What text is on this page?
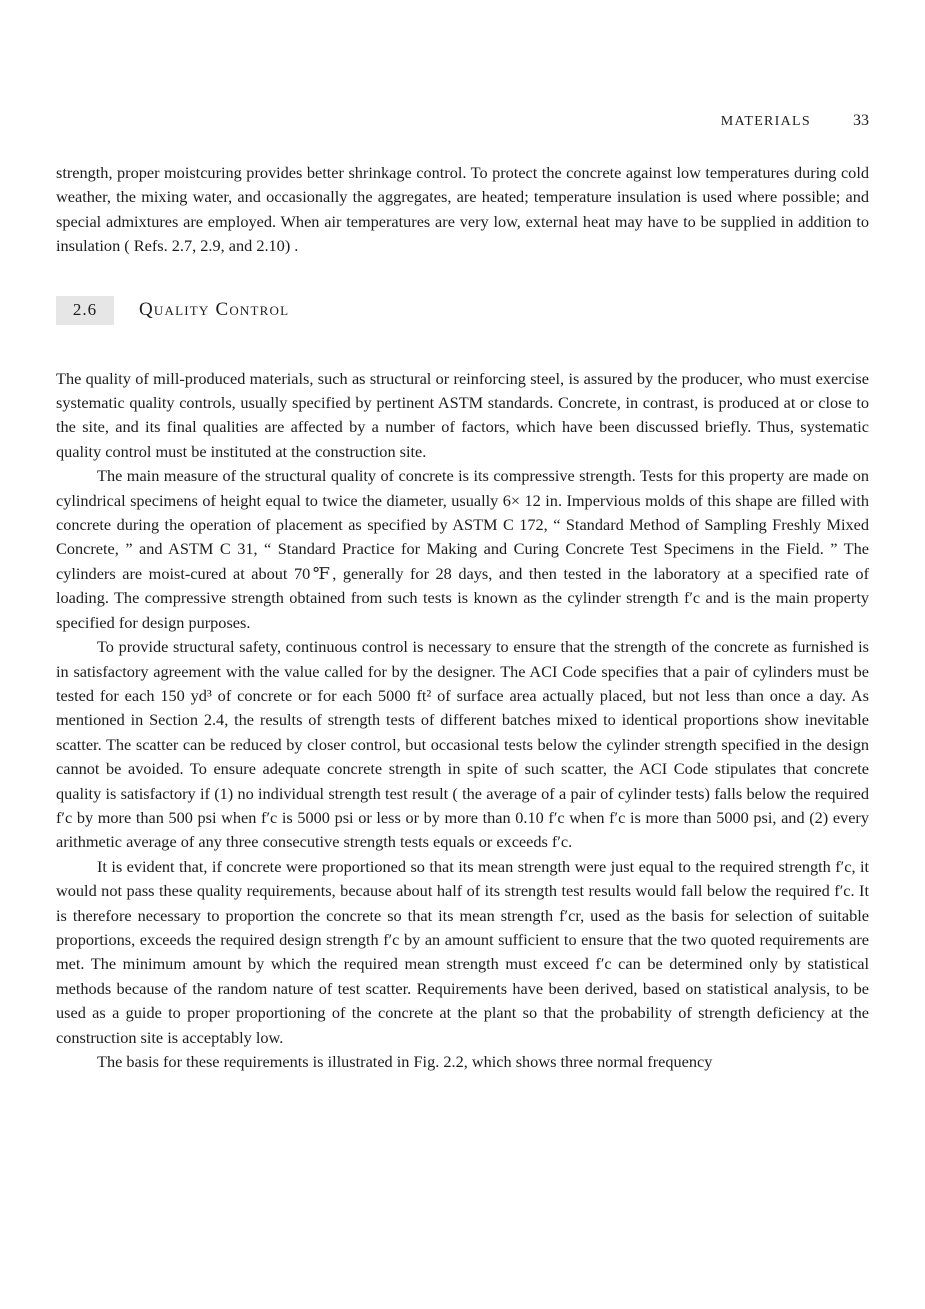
MATERIALS	33

strength, proper moistcuring provides better shrinkage control. To protect the concrete against low temperatures during cold weather, the mixing water, and occasionally the aggregates, are heated; temperature insulation is used where possible; and special admixtures are employed. When air temperatures are very low, external heat may have to be supplied in addition to insulation ( Refs. 2.7, 2.9, and 2.10) .

2.6	Quality Control

The quality of mill-produced materials, such as structural or reinforcing steel, is assured by the producer, who must exercise systematic quality controls, usually specified by pertinent ASTM standards. Concrete, in contrast, is produced at or close to the site, and its final qualities are affected by a number of factors, which have been discussed briefly. Thus, systematic quality control must be instituted at the construction site.

The main measure of the structural quality of concrete is its compressive strength. Tests for this property are made on cylindrical specimens of height equal to twice the diameter, usually 6× 12 in. Impervious molds of this shape are filled with concrete during the operation of placement as specified by ASTM C 172, “ Standard Method of Sampling Freshly Mixed Concrete, ” and ASTM C 31, “ Standard Practice for Making and Curing Concrete Test Specimens in the Field. ” The cylinders are moist-cured at about 70℉, generally for 28 days, and then tested in the laboratory at a specified rate of loading. The compressive strength obtained from such tests is known as the cylinder strength f′c and is the main property specified for design purposes.

To provide structural safety, continuous control is necessary to ensure that the strength of the concrete as furnished is in satisfactory agreement with the value called for by the designer. The ACI Code specifies that a pair of cylinders must be tested for each 150 yd³ of concrete or for each 5000 ft² of surface area actually placed, but not less than once a day. As mentioned in Section 2.4, the results of strength tests of different batches mixed to identical proportions show inevitable scatter. The scatter can be reduced by closer control, but occasional tests below the cylinder strength specified in the design cannot be avoided. To ensure adequate concrete strength in spite of such scatter, the ACI Code stipulates that concrete quality is satisfactory if (1) no individual strength test result ( the average of a pair of cylinder tests) falls below the required f′c by more than 500 psi when f′c is 5000 psi or less or by more than 0.10 f′c when f′c is more than 5000 psi, and (2) every arithmetic average of any three consecutive strength tests equals or exceeds f′c.

It is evident that, if concrete were proportioned so that its mean strength were just equal to the required strength f′c, it would not pass these quality requirements, because about half of its strength test results would fall below the required f′c. It is therefore necessary to proportion the concrete so that its mean strength f′cr, used as the basis for selection of suitable proportions, exceeds the required design strength f′c by an amount sufficient to ensure that the two quoted requirements are met. The minimum amount by which the required mean strength must exceed f′c can be determined only by statistical methods because of the random nature of test scatter. Requirements have been derived, based on statistical analysis, to be used as a guide to proper proportioning of the concrete at the plant so that the probability of strength deficiency at the construction site is acceptably low.

The basis for these requirements is illustrated in Fig. 2.2, which shows three normal frequency
